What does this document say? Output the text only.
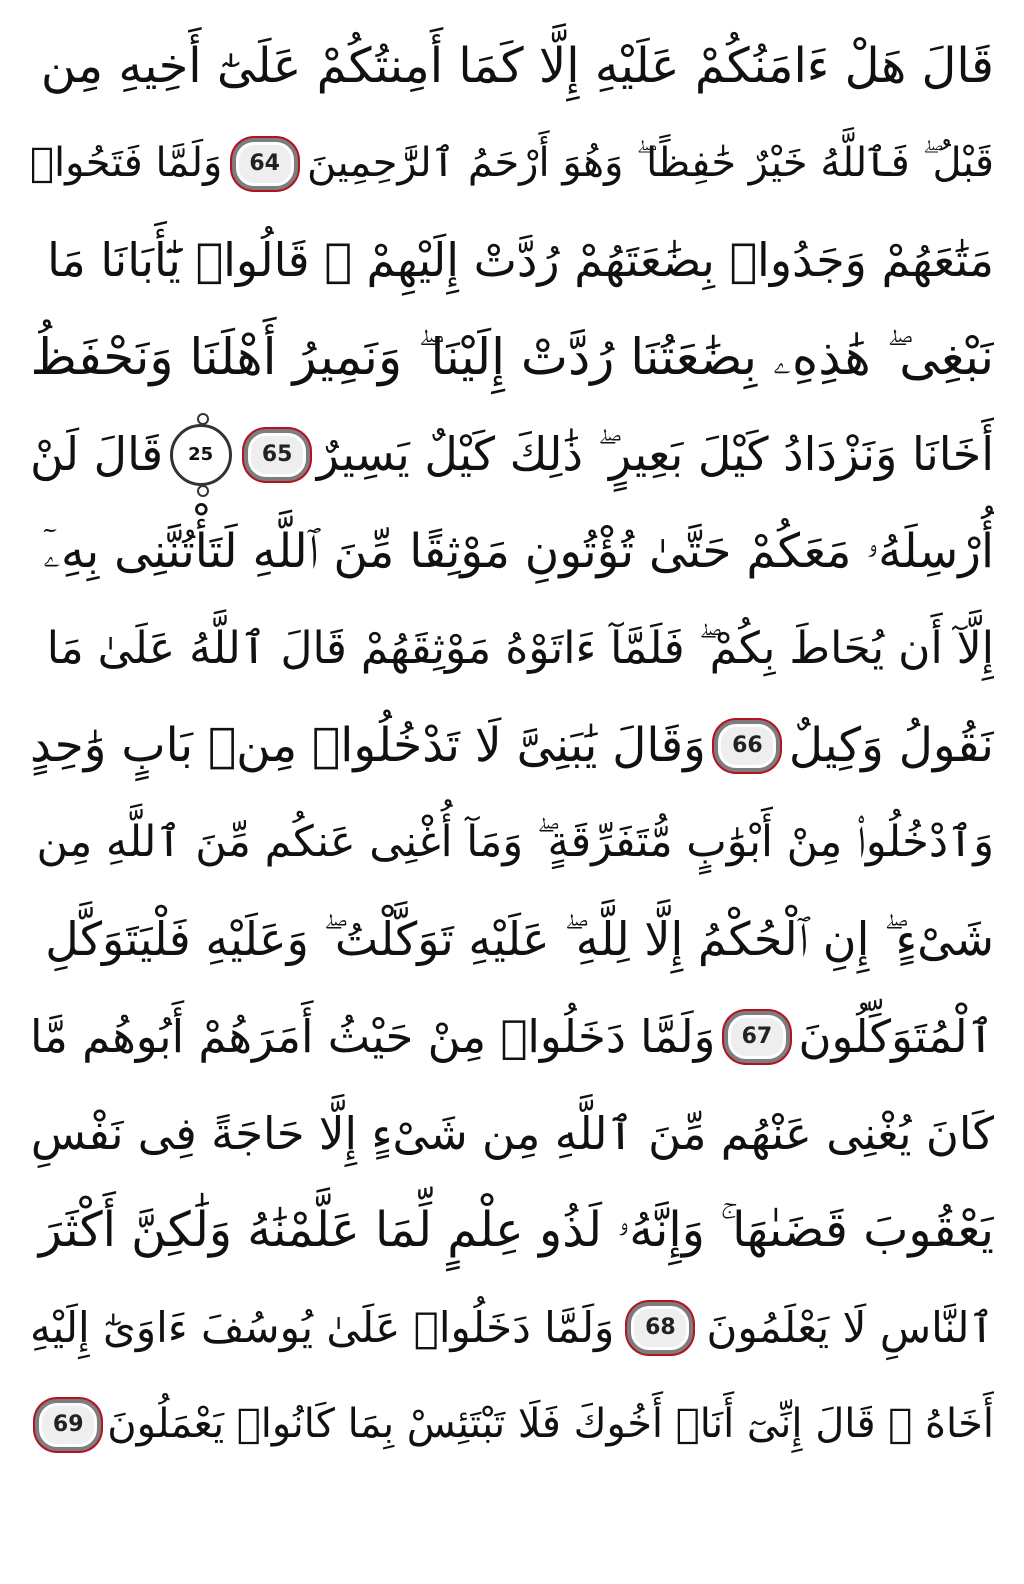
قَالَ هَلْ ءَامَنُكُمْ عَلَيْهِ إِلَّا كَمَا أَمِنتُكُمْ عَلَىٰٓ أَخِيهِ مِن
قَبْلُ ۖ فَٱللَّهُ خَيْرٌ حَٰفِظًا ۖ وَهُوَ أَرْحَمُ ٱلرَّٰحِمِينَ
64
وَلَمَّا فَتَحُوا۟
مَتَٰعَهُمْ وَجَدُوا۟ بِضَٰعَتَهُمْ رُدَّتْ إِلَيْهِمْ ۖ قَالُوا۟ يَٰٓأَبَانَا مَا
نَبْغِى ۖ هَٰذِهِۦ بِضَٰعَتُنَا رُدَّتْ إِلَيْنَا ۖ وَنَمِيرُ أَهْلَنَا وَنَحْفَظُ
أَخَانَا وَنَزْدَادُ كَيْلَ بَعِيرٍ ۖ ذَٰلِكَ كَيْلٌ يَسِيرٌ
65
25
قَالَ لَنْ
أُرْسِلَهُۥ مَعَكُمْ حَتَّىٰ تُؤْتُونِ مَوْثِقًا مِّنَ ٱللَّهِ لَتَأْتُنَّنِى بِهِۦٓ
إِلَّآ أَن يُحَاطَ بِكُمْ ۖ فَلَمَّآ ءَاتَوْهُ مَوْثِقَهُمْ قَالَ ٱللَّهُ عَلَىٰ مَا
نَقُولُ وَكِيلٌ
66
وَقَالَ يَٰبَنِىَّ لَا تَدْخُلُوا۟ مِنۢ بَابٍ وَٰحِدٍ
وَٱدْخُلُوا۟ مِنْ أَبْوَٰبٍ مُّتَفَرِّقَةٍ ۖ وَمَآ أُغْنِى عَنكُم مِّنَ ٱللَّهِ مِن
شَىْءٍ ۖ إِنِ ٱلْحُكْمُ إِلَّا لِلَّهِ ۖ عَلَيْهِ تَوَكَّلْتُ ۖ وَعَلَيْهِ فَلْيَتَوَكَّلِ
ٱلْمُتَوَكِّلُونَ
67
وَلَمَّا دَخَلُوا۟ مِنْ حَيْثُ أَمَرَهُمْ أَبُوهُم مَّا
كَانَ يُغْنِى عَنْهُم مِّنَ ٱللَّهِ مِن شَىْءٍ إِلَّا حَاجَةً فِى نَفْسِ
يَعْقُوبَ قَضَىٰهَا ۚ وَإِنَّهُۥ لَذُو عِلْمٍ لِّمَا عَلَّمْنَٰهُ وَلَٰكِنَّ أَكْثَرَ
ٱلنَّاسِ لَا يَعْلَمُونَ
68
وَلَمَّا دَخَلُوا۟ عَلَىٰ يُوسُفَ ءَاوَىٰٓ إِلَيْهِ
أَخَاهُ ۖ قَالَ إِنِّىٓ أَنَا۠ أَخُوكَ فَلَا تَبْتَئِسْ بِمَا كَانُوا۟ يَعْمَلُونَ
69
